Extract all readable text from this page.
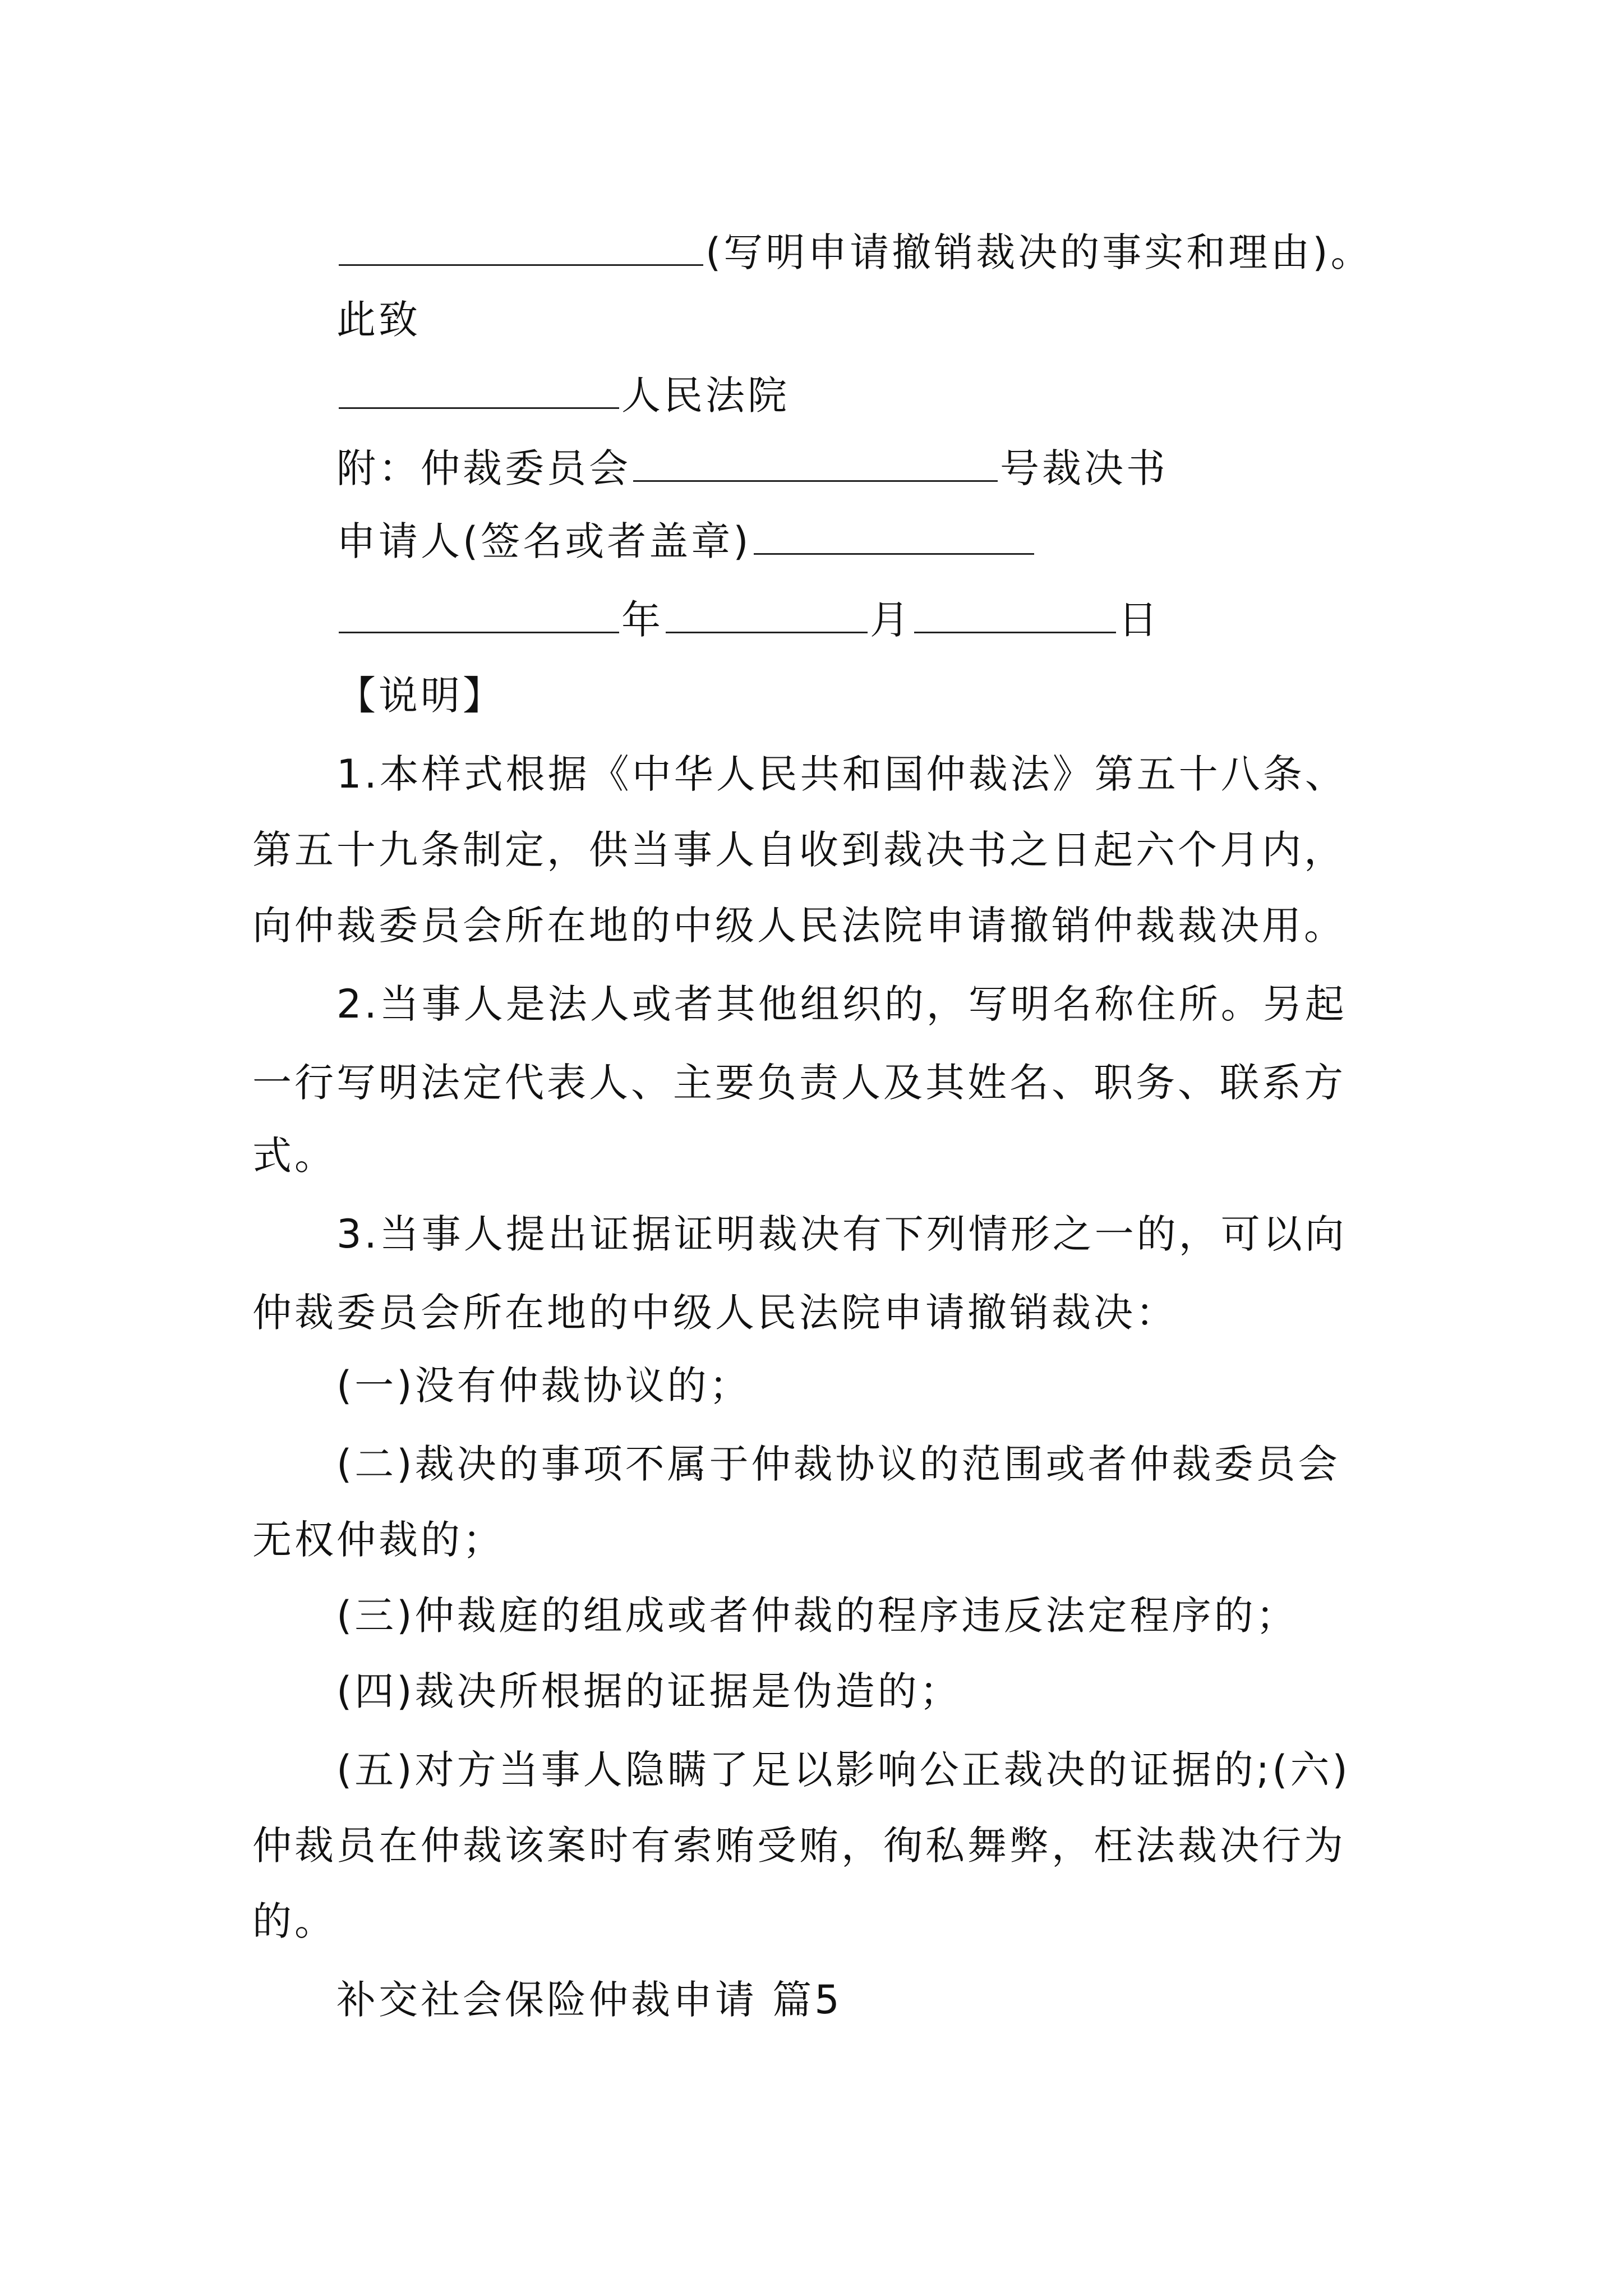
(写明申请撤销裁决的事实和理由)。
此致
人民法院
附：仲裁委员会	号裁决书
申请人(签名或者盖章)
年	月	日
【说明】
1.本样式根据《中华人民共和国仲裁法》第五十八条、
第五十九条制定，供当事人自收到裁决书之日起六个月内，
向仲裁委员会所在地的中级人民法院申请撤销仲裁裁决用。
2.当事人是法人或者其他组织的，写明名称住所。另起
一行写明法定代表人、主要负责人及其姓名、职务、联系方
式。
3.当事人提出证据证明裁决有下列情形之一的，可以向
仲裁委员会所在地的中级人民法院申请撤销裁决：
(一)没有仲裁协议的；
(二)裁决的事项不属于仲裁协议的范围或者仲裁委员会
无权仲裁的；
(三)仲裁庭的组成或者仲裁的程序违反法定程序的；
(四)裁决所根据的证据是伪造的；
(五)对方当事人隐瞒了足以影响公正裁决的证据的;(六)
仲裁员在仲裁该案时有索贿受贿，徇私舞弊，枉法裁决行为
的。
补交社会保险仲裁申请 篇5
